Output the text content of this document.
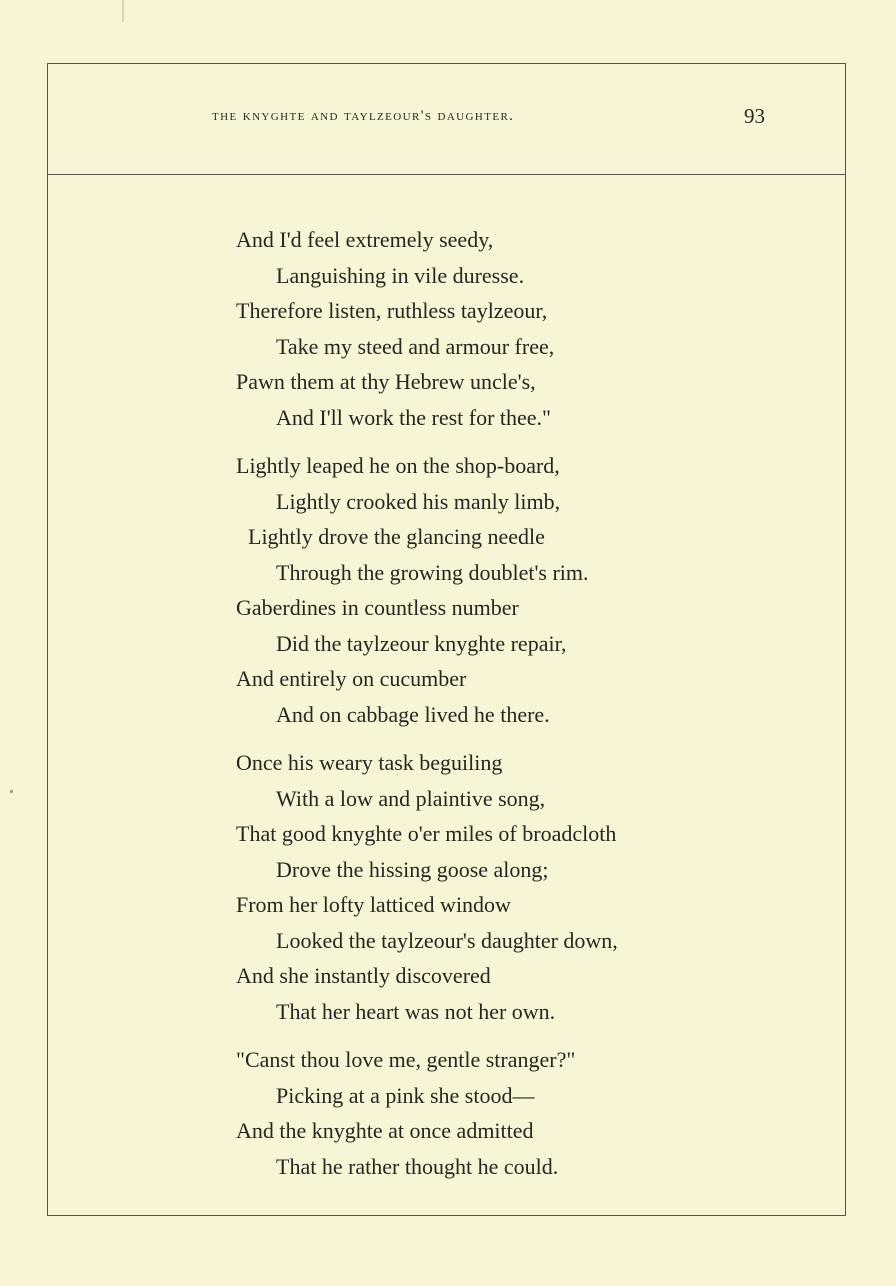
the knyghte and taylzeour's daughter.	93
And I'd feel extremely seedy,
Languishing in vile duresse.
Therefore listen, ruthless taylzeour,
Take my steed and armour free,
Pawn them at thy Hebrew uncle's,
And I'll work the rest for thee."
Lightly leaped he on the shop-board,
Lightly crooked his manly limb,
Lightly drove the glancing needle
Through the growing doublet's rim.
Gaberdines in countless number
Did the taylzeour knyghte repair,
And entirely on cucumber
And on cabbage lived he there.
Once his weary task beguiling
With a low and plaintive song,
That good knyghte o'er miles of broadcloth
Drove the hissing goose along;
From her lofty latticed window
Looked the taylzeour's daughter down,
And she instantly discovered
That her heart was not her own.
"Canst thou love me, gentle stranger?"
Picking at a pink she stood—
And the knyghte at once admitted
That he rather thought he could.
